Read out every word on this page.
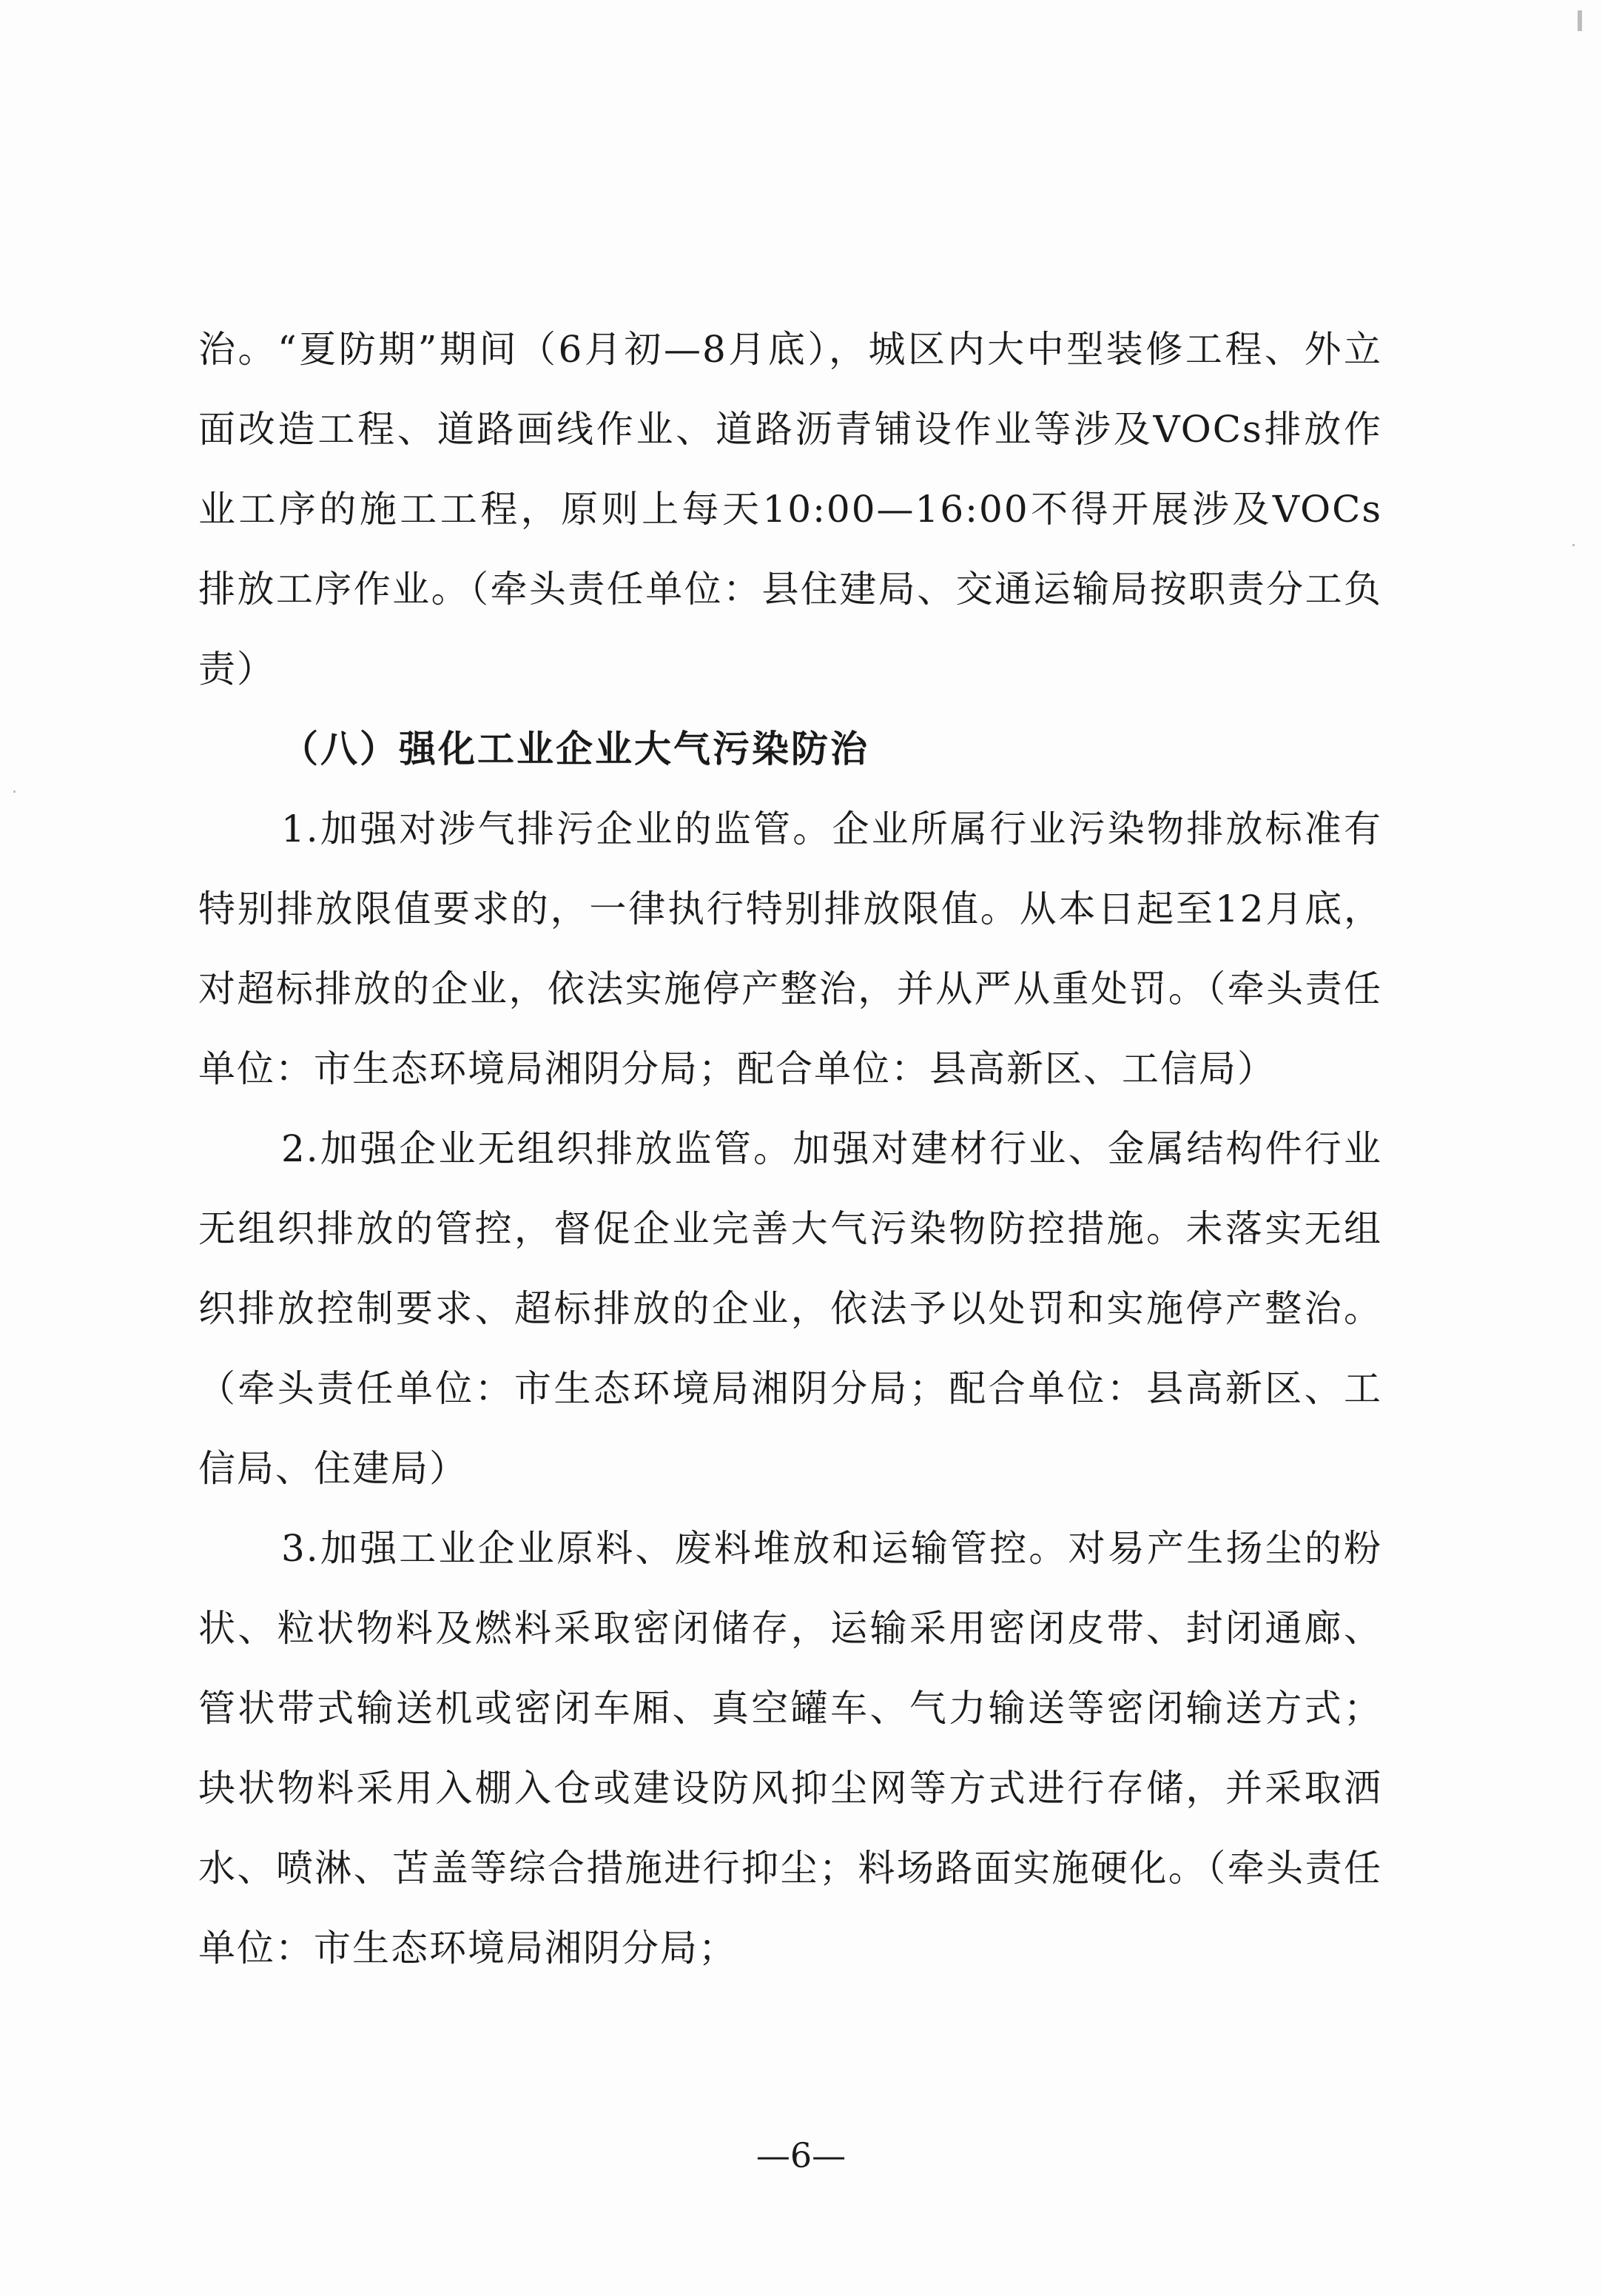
治。“夏防期”期间（6月初—8月底），城区内大中型装修工程、外立面改造工程、道路画线作业、道路沥青铺设作业等涉及VOCs排放作业工序的施工工程，原则上每天10:00—16:00不得开展涉及VOCs排放工序作业。（牵头责任单位：县住建局、交通运输局按职责分工负责）

（八）强化工业企业大气污染防治

1.加强对涉气排污企业的监管。企业所属行业污染物排放标准有特别排放限值要求的，一律执行特别排放限值。从本日起至12月底，对超标排放的企业，依法实施停产整治，并从严从重处罚。（牵头责任单位：市生态环境局湘阴分局；配合单位：县高新区、工信局）

2.加强企业无组织排放监管。加强对建材行业、金属结构件行业无组织排放的管控，督促企业完善大气污染物防控措施。未落实无组织排放控制要求、超标排放的企业，依法予以处罚和实施停产整治。（牵头责任单位：市生态环境局湘阴分局；配合单位：县高新区、工信局、住建局）

3.加强工业企业原料、废料堆放和运输管控。对易产生扬尘的粉状、粒状物料及燃料采取密闭储存，运输采用密闭皮带、封闭通廊、管状带式输送机或密闭车厢、真空罐车、气力输送等密闭输送方式；块状物料采用入棚入仓或建设防风抑尘网等方式进行存储，并采取洒水、喷淋、苫盖等综合措施进行抑尘；料场路面实施硬化。（牵头责任单位：市生态环境局湘阴分局；

—6—
